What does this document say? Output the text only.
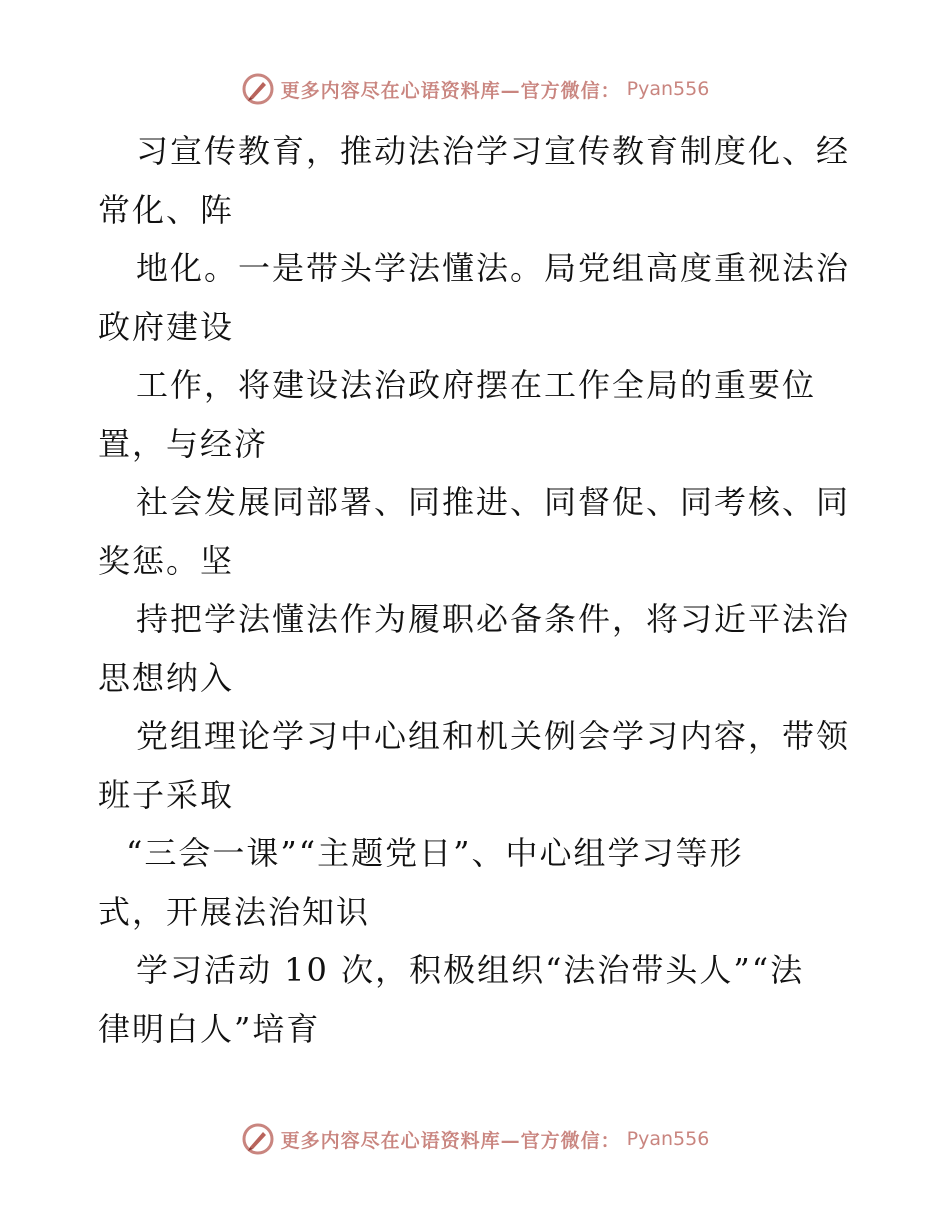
更多内容尽在心语资料库—官方微信： Pyan556
习宣传教育，推动法治学习宣传教育制度化、经
常化、阵
地化。一是带头学法懂法。局党组高度重视法治
政府建设
工作，将建设法治政府摆在工作全局的重要位
置，与经济
社会发展同部署、同推进、同督促、同考核、同
奖惩。坚
持把学法懂法作为履职必备条件，将习近平法治
思想纳入
党组理论学习中心组和机关例会学习内容，带领
班子采取
“三会一课”“主题党日”、中心组学习等形
式，开展法治知识
学习活动 10 次，积极组织“法治带头人”“法
律明白人”培育
更多内容尽在心语资料库—官方微信： Pyan556
